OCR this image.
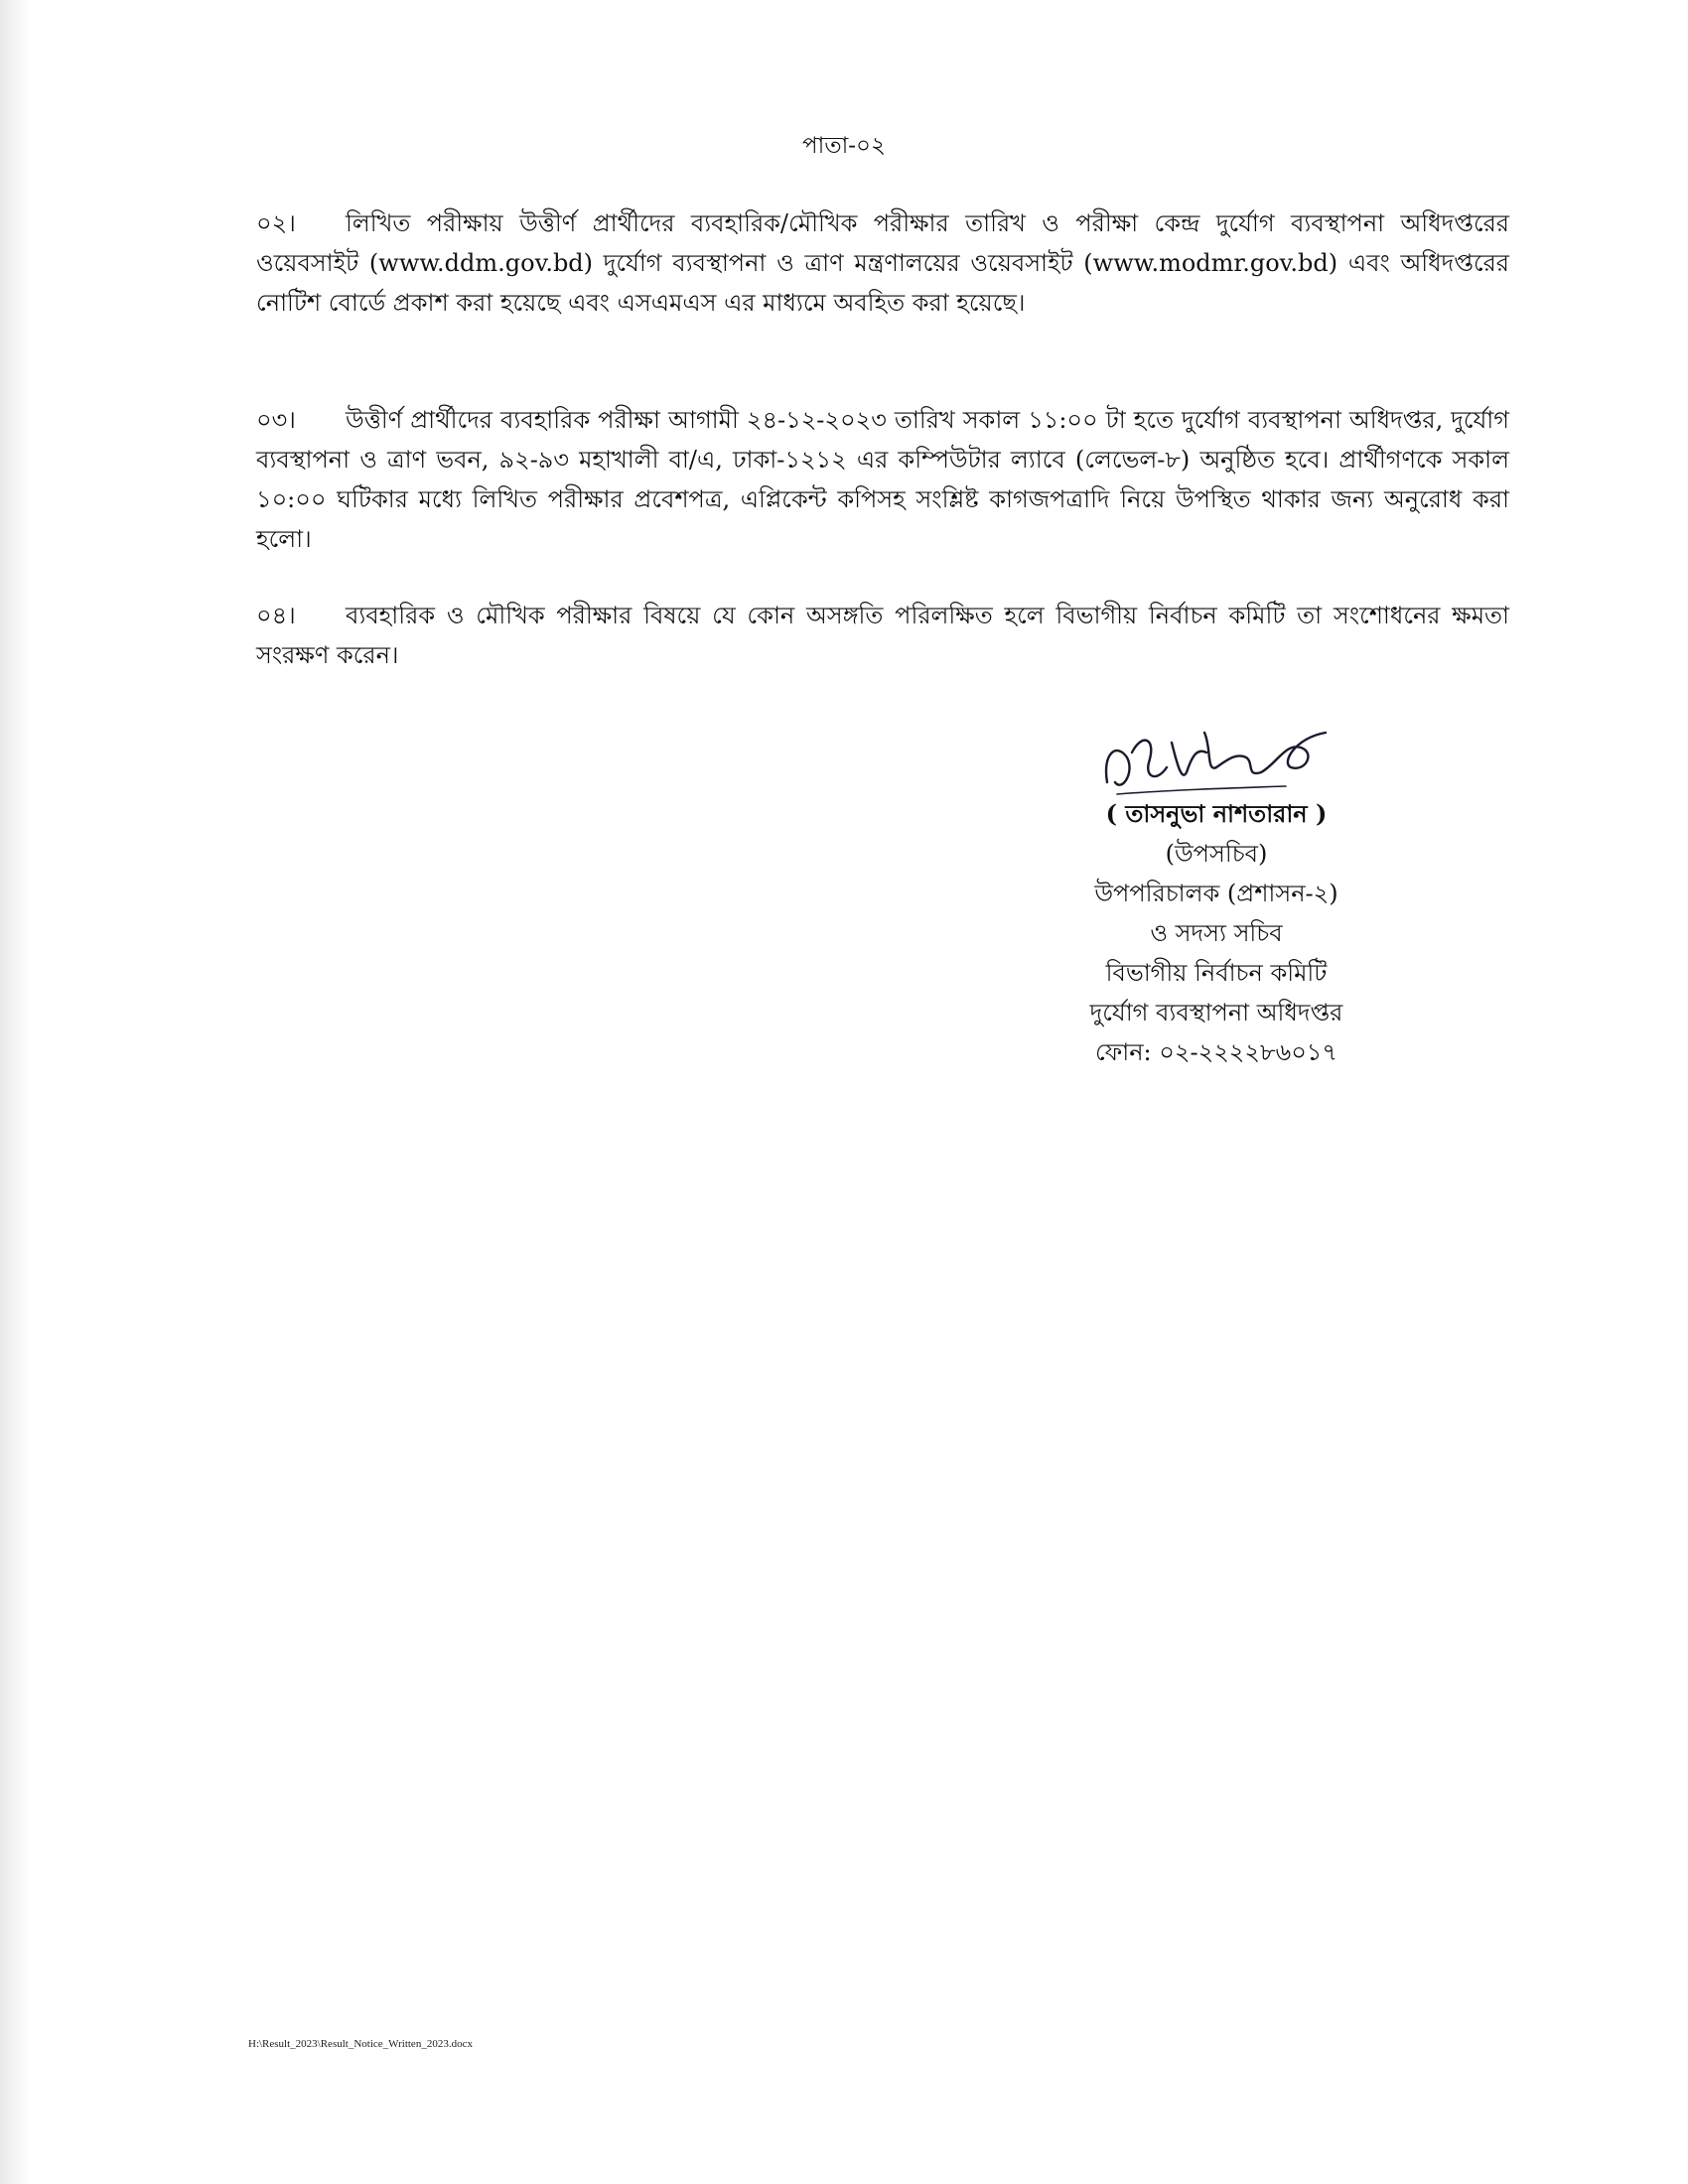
পাতা-০২
০২। লিখিত পরীক্ষায় উত্তীর্ণ প্রার্থীদের ব্যবহারিক/মৌখিক পরীক্ষার তারিখ ও পরীক্ষা কেন্দ্র দুর্যোগ ব্যবস্থাপনা অধিদপ্তরের ওয়েবসাইট (www.ddm.gov.bd) দুর্যোগ ব্যবস্থাপনা ও ত্রাণ মন্ত্রণালয়ের ওয়েবসাইট (www.modmr.gov.bd) এবং অধিদপ্তরের নোটিশ বোর্ডে প্রকাশ করা হয়েছে এবং এসএমএস এর মাধ্যমে অবহিত করা হয়েছে।
০৩। উত্তীর্ণ প্রার্থীদের ব্যবহারিক পরীক্ষা আগামী ২৪-১২-২০২৩ তারিখ সকাল ১১:০০ টা হতে দুর্যোগ ব্যবস্থাপনা অধিদপ্তর, দুর্যোগ ব্যবস্থাপনা ও ত্রাণ ভবন, ৯২-৯৩ মহাখালী বা/এ, ঢাকা-১২১২ এর কম্পিউটার ল্যাবে (লেভেল-৮) অনুষ্ঠিত হবে। প্রার্থীগণকে সকাল ১০:০০ ঘটিকার মধ্যে লিখিত পরীক্ষার প্রবেশপত্র, এপ্লিকেন্ট কপিসহ সংশ্লিষ্ট কাগজপত্রাদি নিয়ে উপস্থিত থাকার জন্য অনুরোধ করা হলো।
০৪। ব্যবহারিক ও মৌখিক পরীক্ষার বিষয়ে যে কোন অসঙ্গতি পরিলক্ষিত হলে বিভাগীয় নির্বাচন কমিটি তা সংশোধনের ক্ষমতা সংরক্ষণ করেন।
( তাসনুভা নাশতারান )
(উপসচিব)
উপপরিচালক (প্রশাসন-২)
ও সদস্য সচিব
বিভাগীয় নির্বাচন কমিটি
দুর্যোগ ব্যবস্থাপনা অধিদপ্তর
ফোন: ০২-২২২২৮৬০১৭
H:\Result_2023\Result_Notice_Written_2023.docx
